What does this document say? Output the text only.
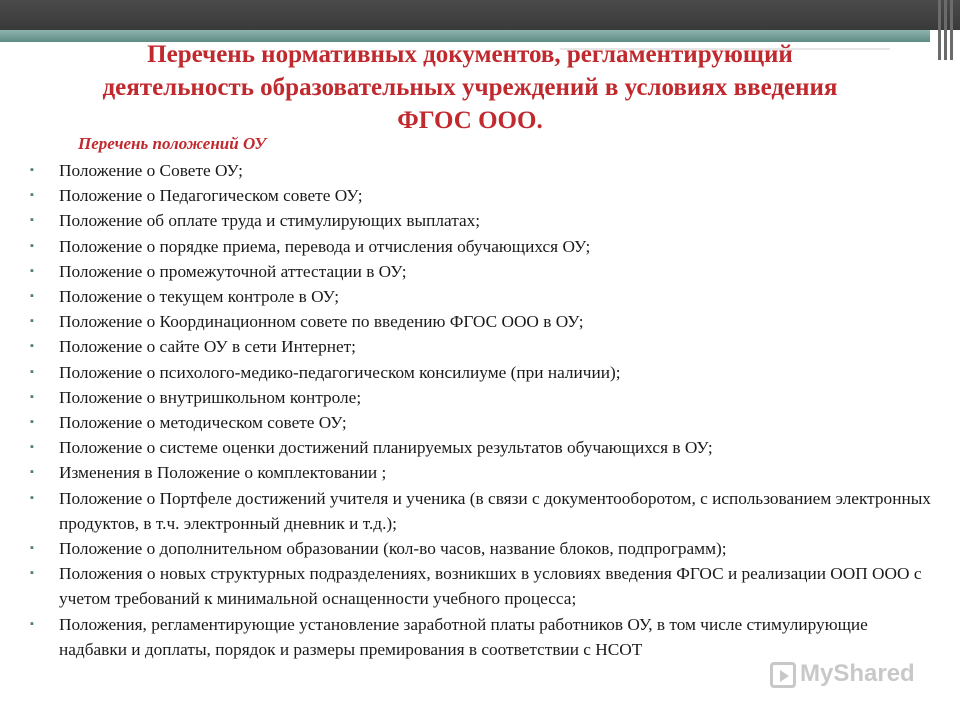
Перечень нормативных документов, регламентирующий
деятельность образовательных учреждений в условиях введения
ФГОС ООО.
Перечень положений ОУ
▪ Положение о Совете ОУ;
▪ Положение о Педагогическом совете ОУ;
▪ Положение об оплате труда и стимулирующих выплатах;
▪ Положение о порядке приема, перевода и отчисления обучающихся ОУ;
▪ Положение о промежуточной аттестации в ОУ;
▪ Положение о текущем контроле в ОУ;
▪ Положение о Координационном совете по введению ФГОС ООО в ОУ;
▪ Положение о сайте ОУ в сети Интернет;
▪ Положение о психолого-медико-педагогическом консилиуме (при наличии);
▪ Положение о внутришкольном контроле;
▪ Положение о методическом совете ОУ;
▪ Положение о системе оценки достижений планируемых результатов обучающихся в ОУ;
▪ Изменения в Положение о комплектовании ;
▪ Положение о Портфеле достижений учителя и ученика (в связи с документооборотом, с использованием электронных продуктов, в т.ч. электронный дневник и т.д.);
▪ Положение о дополнительном образовании (кол-во часов, название блоков, подпрограмм);
▪ Положения о новых структурных подразделениях, возникших в условиях введения ФГОС и реализации ООП ООО с учетом требований к минимальной оснащенности учебного процесса;
▪ Положения, регламентирующие установление заработной платы работников ОУ, в том числе стимулирующие надбавки и доплаты, порядок и размеры премирования в соответствии с НСОТ
MyShared
